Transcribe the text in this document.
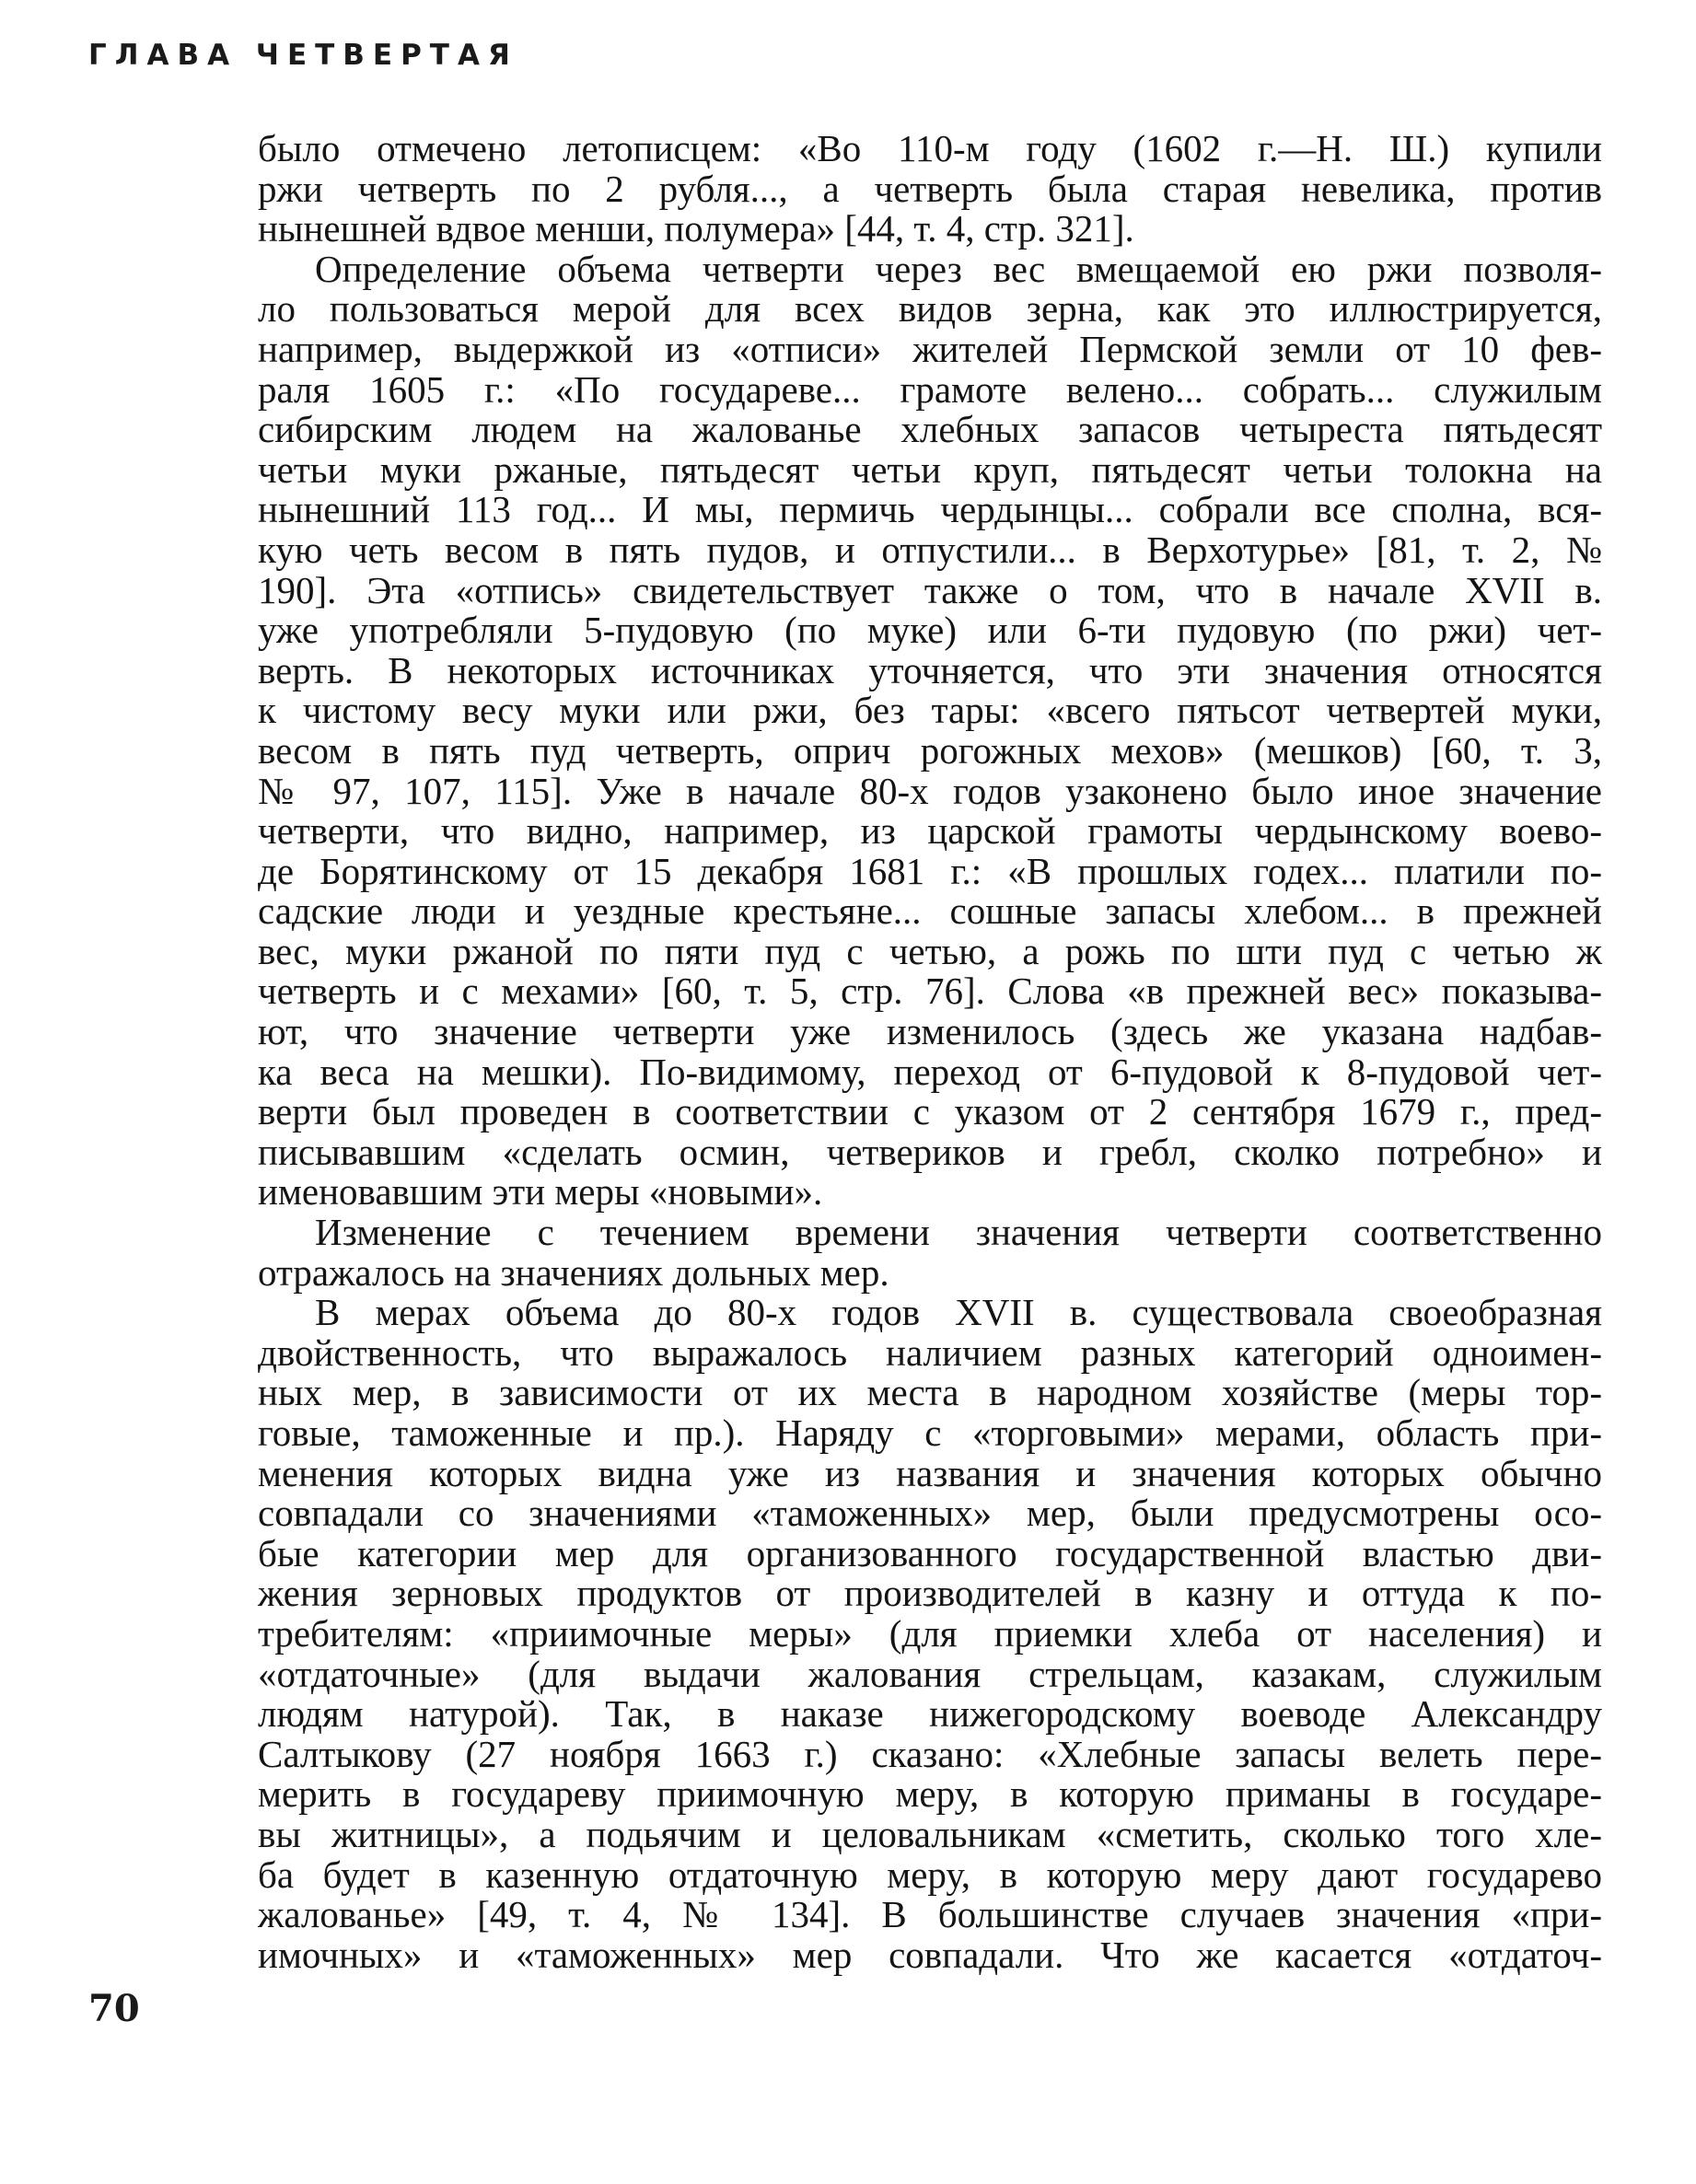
ГЛАВА ЧЕТВЕРТАЯ
было отмечено летописцем: «Во 110-м году (1602 г.—Н. Ш.) купили
ржи четверть по 2 рубля..., а четверть была старая невелика, против
нынешней вдвое менши, полумера» [44, т. 4, стр. 321].
Определение объема четверти через вес вмещаемой ею ржи позволя-
ло пользоваться мерой для всех видов зерна, как это иллюстрируется,
например, выдержкой из «отписи» жителей Пермской земли от 10 фев-
раля 1605 г.: «По государеве... грамоте велено... собрать... служилым
сибирским людем на жалованье хлебных запасов четыреста пятьдесят
четьи муки ржаные, пятьдесят четьи круп, пятьдесят четьи толокна на
нынешний 113 год... И мы, пермичь чердынцы... собрали все сполна, вся-
кую четь весом в пять пудов, и отпустили... в Верхотурье» [81, т. 2, №
190]. Эта «отпись» свидетельствует также о том, что в начале XVII в.
уже употребляли 5-пудовую (по муке) или 6-ти пудовую (по ржи) чет-
верть. В некоторых источниках уточняется, что эти значения относятся
к чистому весу муки или ржи, без тары: «всего пятьсот четвертей муки,
весом в пять пуд четверть, оприч рогожных мехов» (мешков) [60, т. 3,
№ 97, 107, 115]. Уже в начале 80-х годов узаконено было иное значение
четверти, что видно, например, из царской грамоты чердынскому воево-
де Борятинскому от 15 декабря 1681 г.: «В прошлых годех... платили по-
садские люди и уездные крестьяне... сошные запасы хлебом... в прежней
вес, муки ржаной по пяти пуд с четью, а рожь по шти пуд с четью ж
четверть и с мехами» [60, т. 5, стр. 76]. Слова «в прежней вес» показыва-
ют, что значение четверти уже изменилось (здесь же указана надбав-
ка веса на мешки). По-видимому, переход от 6-пудовой к 8-пудовой чет-
верти был проведен в соответствии с указом от 2 сентября 1679 г., пред-
писывавшим «сделать осмин, четвериков и гребл, сколко потребно» и
именовавшим эти меры «новыми».
Изменение с течением времени значения четверти соответственно
отражалось на значениях дольных мер.
В мерах объема до 80-х годов XVII в. существовала своеобразная
двойственность, что выражалось наличием разных категорий одноимен-
ных мер, в зависимости от их места в народном хозяйстве (меры тор-
говые, таможенные и пр.). Наряду с «торговыми» мерами, область при-
менения которых видна уже из названия и значения которых обычно
совпадали со значениями «таможенных» мер, были предусмотрены осо-
бые категории мер для организованного государственной властью дви-
жения зерновых продуктов от производителей в казну и оттуда к по-
требителям: «приимочные меры» (для приемки хлеба от населения) и
«отдаточные» (для выдачи жалования стрельцам, казакам, служилым
людям натурой). Так, в наказе нижегородскому воеводе Александру
Салтыкову (27 ноября 1663 г.) сказано: «Хлебные запасы велеть пере-
мерить в государеву приимочную меру, в которую приманы в государе-
вы житницы», а подьячим и целовальникам «сметить, сколько того хле-
ба будет в казенную отдаточную меру, в которую меру дают государево
жалованье» [49, т. 4, № 134]. В большинстве случаев значения «при-
имочных» и «таможенных» мер совпадали. Что же касается «отдаточ-
70
